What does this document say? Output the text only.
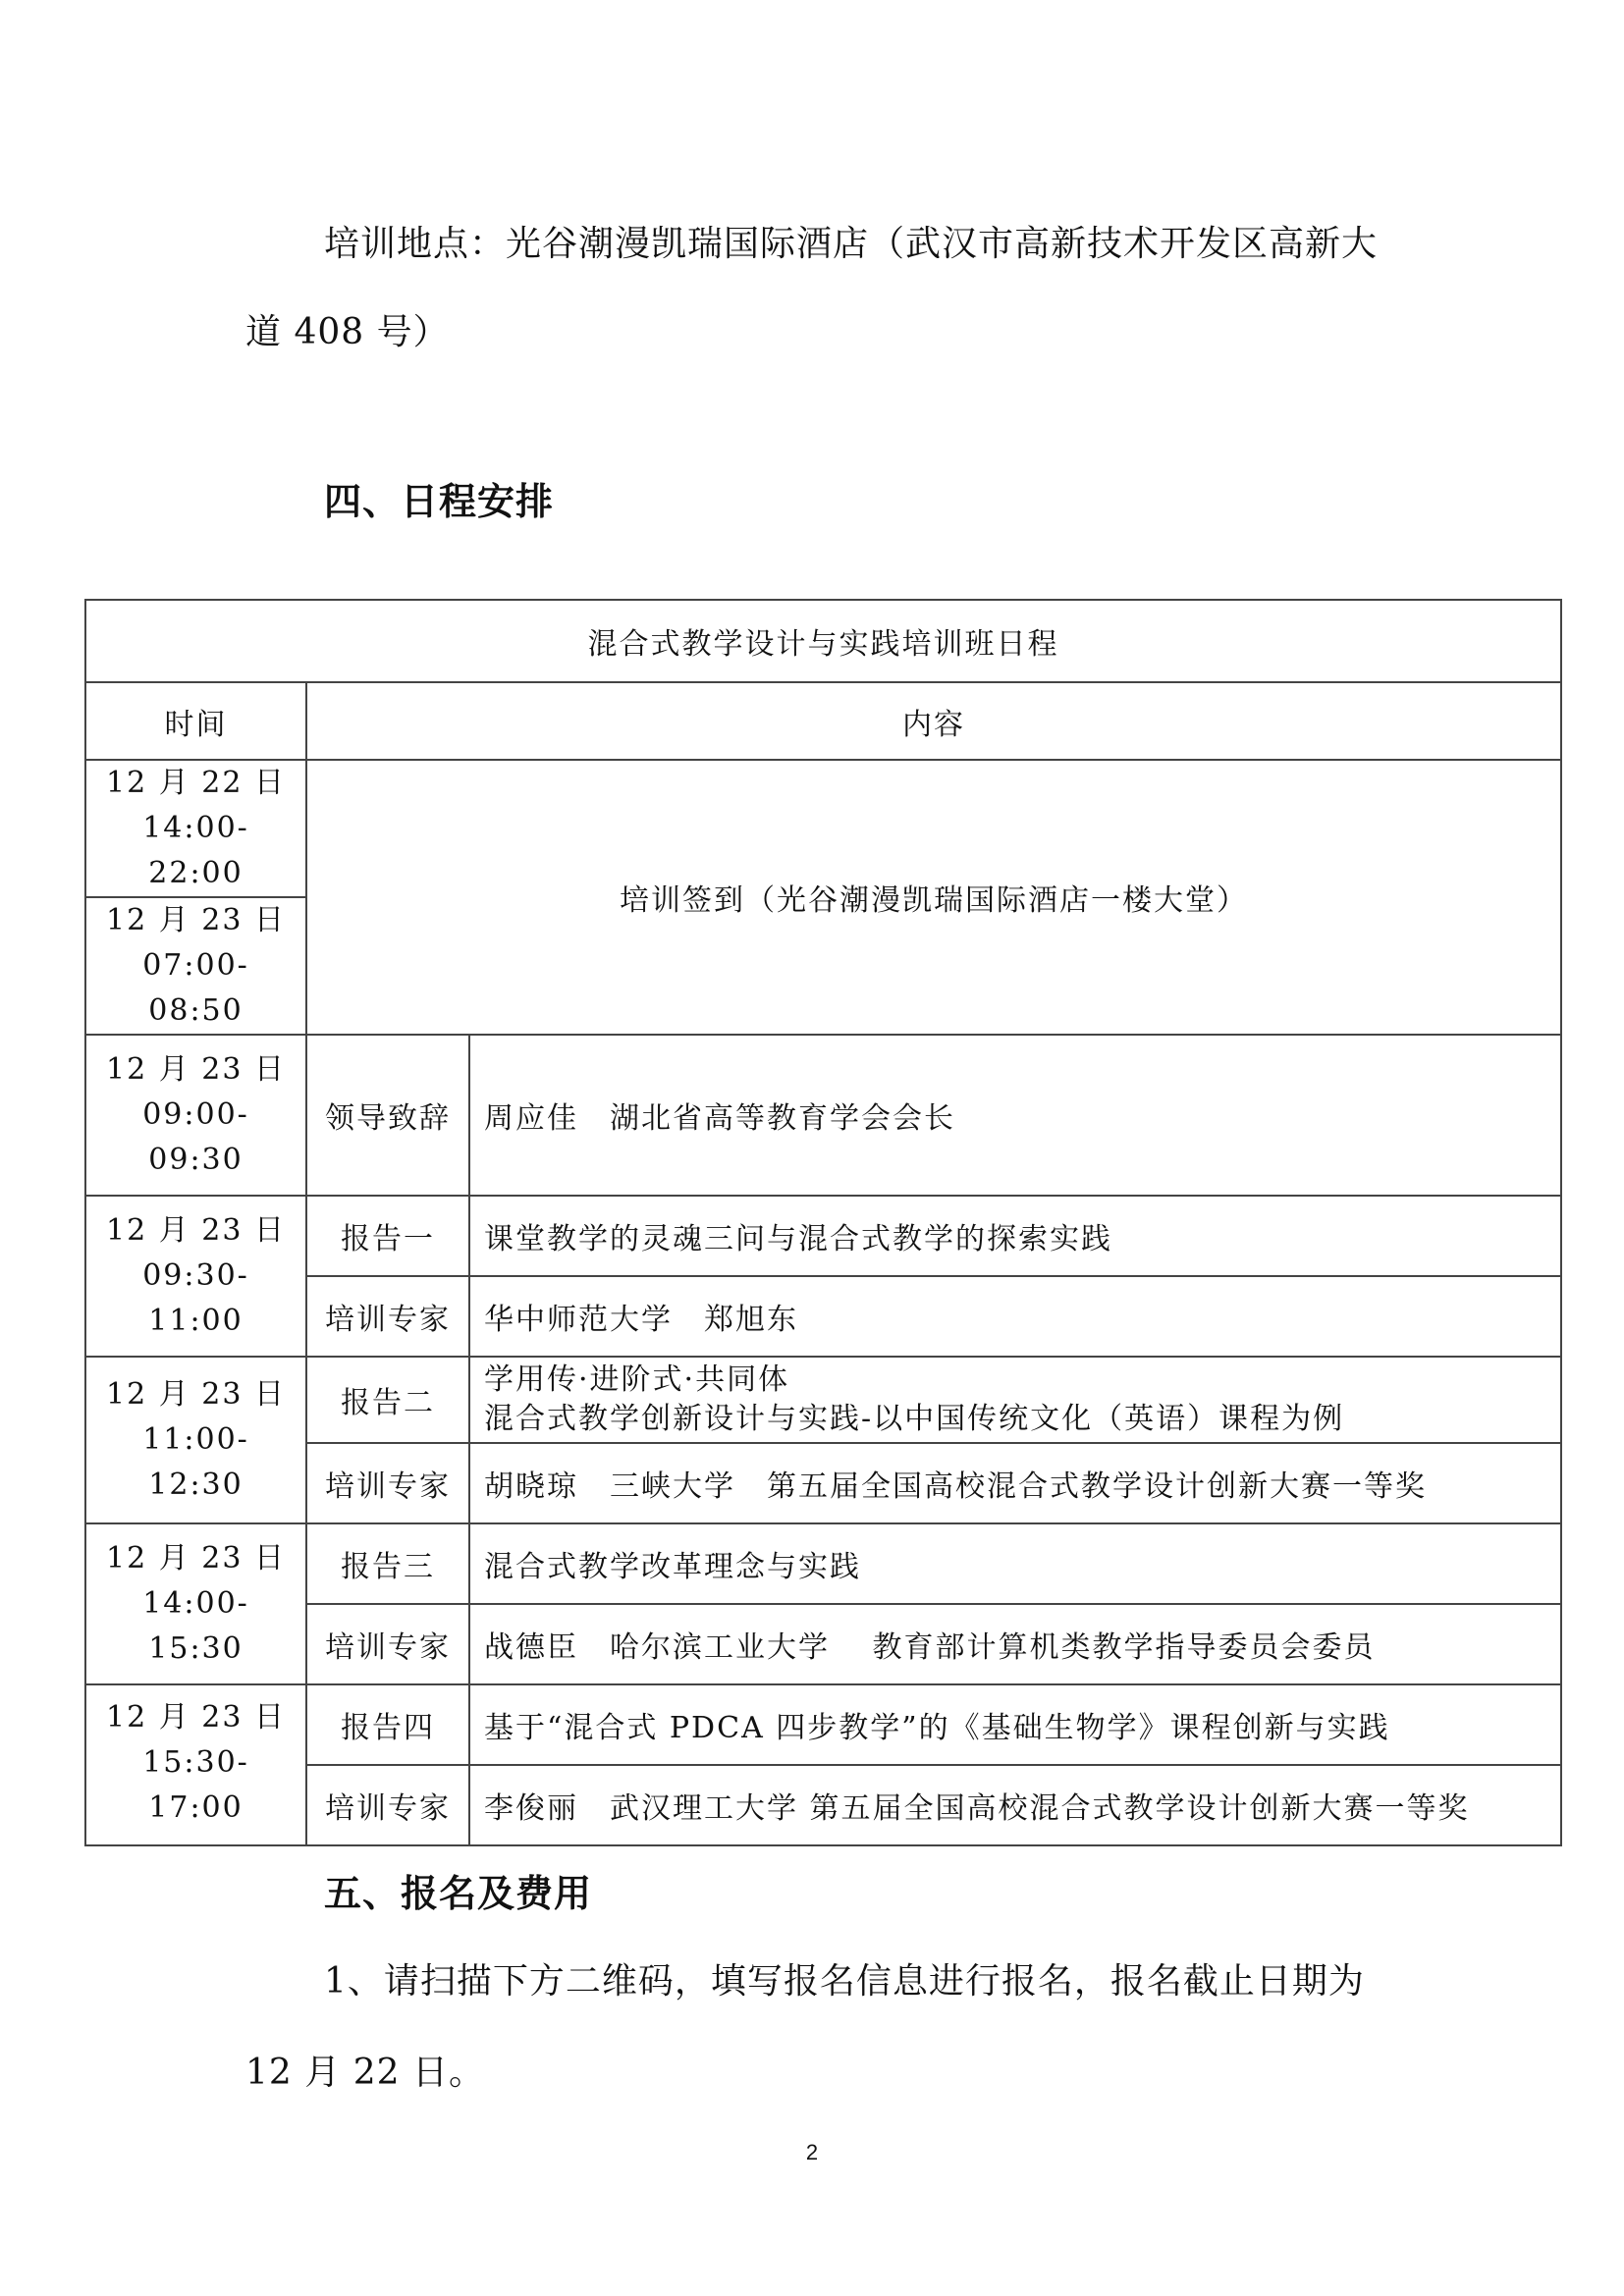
培训地点：光谷潮漫凯瑞国际酒店（武汉市高新技术开发区高新大
道 408 号）
四、日程安排
混合式教学设计与实践培训班日程		
时间	内容	

12 月 22 日
14:00-22:00	培训签到（光谷潮漫凯瑞国际酒店一楼大堂）	

12 月 23 日
07:00-08:50		

12 月 23 日
09:00-09:30	领导致辞	周应佳　湖北省高等教育学会会长

12 月 23 日
09:30-11:00	报告一	课堂教学的灵魂三问与混合式教学的探索实践
	培训专家	华中师范大学　郑旭东

12 月 23 日
11:00-12:30	报告二	学用传·进阶式·共同体
混合式教学创新设计与实践-以中国传统文化（英语）课程为例

	培训专家	胡晓琼　三峡大学　第五届全国高校混合式教学设计创新大赛一等奖

12 月 23 日
14:00-15:30	报告三	混合式教学改革理念与实践
	培训专家	战德臣　哈尔滨工业大学　 教育部计算机类教学指导委员会委员

12 月 23 日
15:30-17:00	报告四	基于“混合式 PDCA 四步教学”的《基础生物学》课程创新与实践
	培训专家	李俊丽　武汉理工大学 第五届全国高校混合式教学设计创新大赛一等奖
五、报名及费用
1、请扫描下方二维码，填写报名信息进行报名，报名截止日期为
12 月 22 日。
2
